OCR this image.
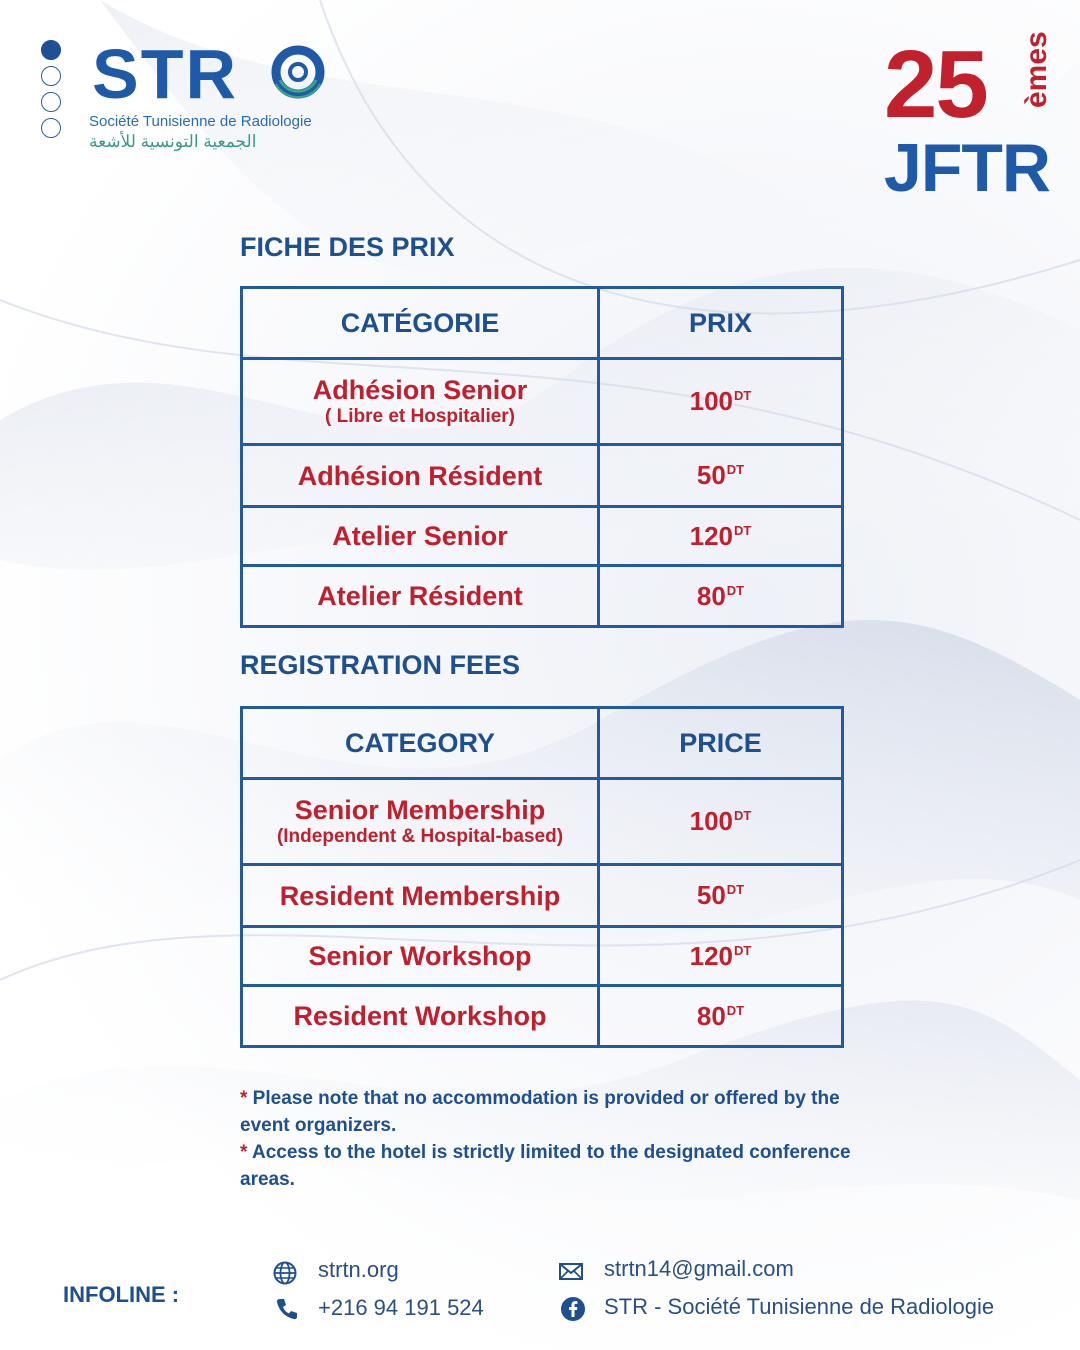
STR
Société Tunisienne de Radiologie
الجمعية التونسية للأشعة
25 èmes
JFTR
FICHE DES PRIX
CATÉGORIE	PRIX

Adhésion Senior
( Libre et Hospitalier)	$100^{DT}$

Adhésion Résident	$50^{DT}$

Atelier Senior	$120^{DT}$

Atelier Résident	$80^{DT}$
REGISTRATION FEES
CATEGORY	PRICE

Senior Membership
(Independent & Hospital-based)	$100^{DT}$

Resident Membership	$50^{DT}$

Senior Workshop	$120^{DT}$

Resident Workshop	$80^{DT}$
* Please note that no accommodation is provided or offered by the event organizers.
* Access to the hotel is strictly limited to the designated conference areas.
INFOLINE :
strtn.org
+216 94 191 524
strtn14@gmail.com
STR - Société Tunisienne de Radiologie
